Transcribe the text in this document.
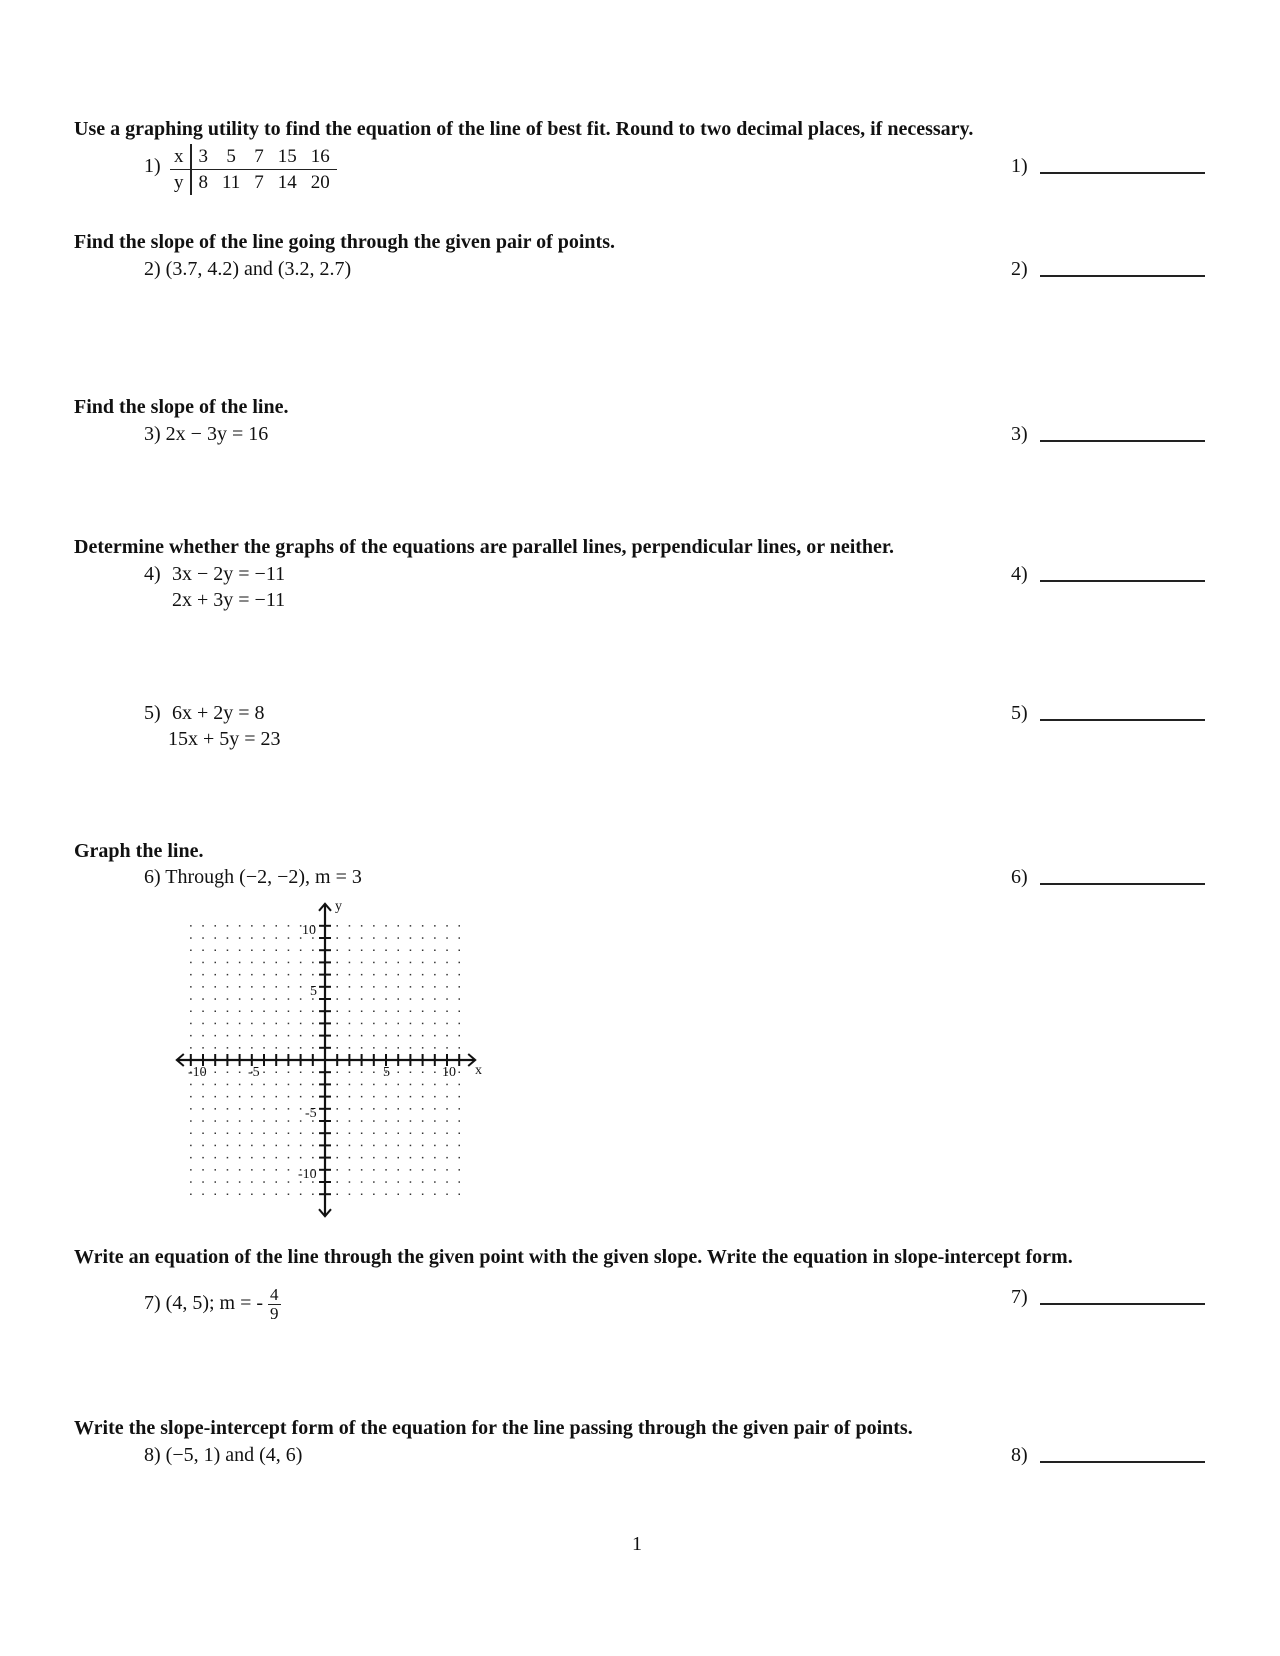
Use a graphing utility to find the equation of the line of best fit. Round to two decimal places, if necessary.
1) x	3	5	7	15	16
y	8	11	7	14	20
1)
Find the slope of the line going through the given pair of points.
2) (3.7, 4.2) and (3.2, 2.7)	2)
Find the slope of the line.
3) 2x − 3y = 16	3)
Determine whether the graphs of the equations are parallel lines, perpendicular lines, or neither.
4) 3x − 2y = −11
2x + 3y = −11
4)
5) 6x + 2y = 8
15x + 5y = 23
5)
Graph the line.
6) Through (−2, −2), m = 3	6)
y
x
-10	-5	5	10
10
5
-5
-10
Write an equation of the line through the given point with the given slope. Write the equation in slope-intercept form.
7) (4, 5); m = - $\frac{4}{9}$	7)
Write the slope-intercept form of the equation for the line passing through the given pair of points.
8) (−5, 1) and (4, 6)	8)
1
